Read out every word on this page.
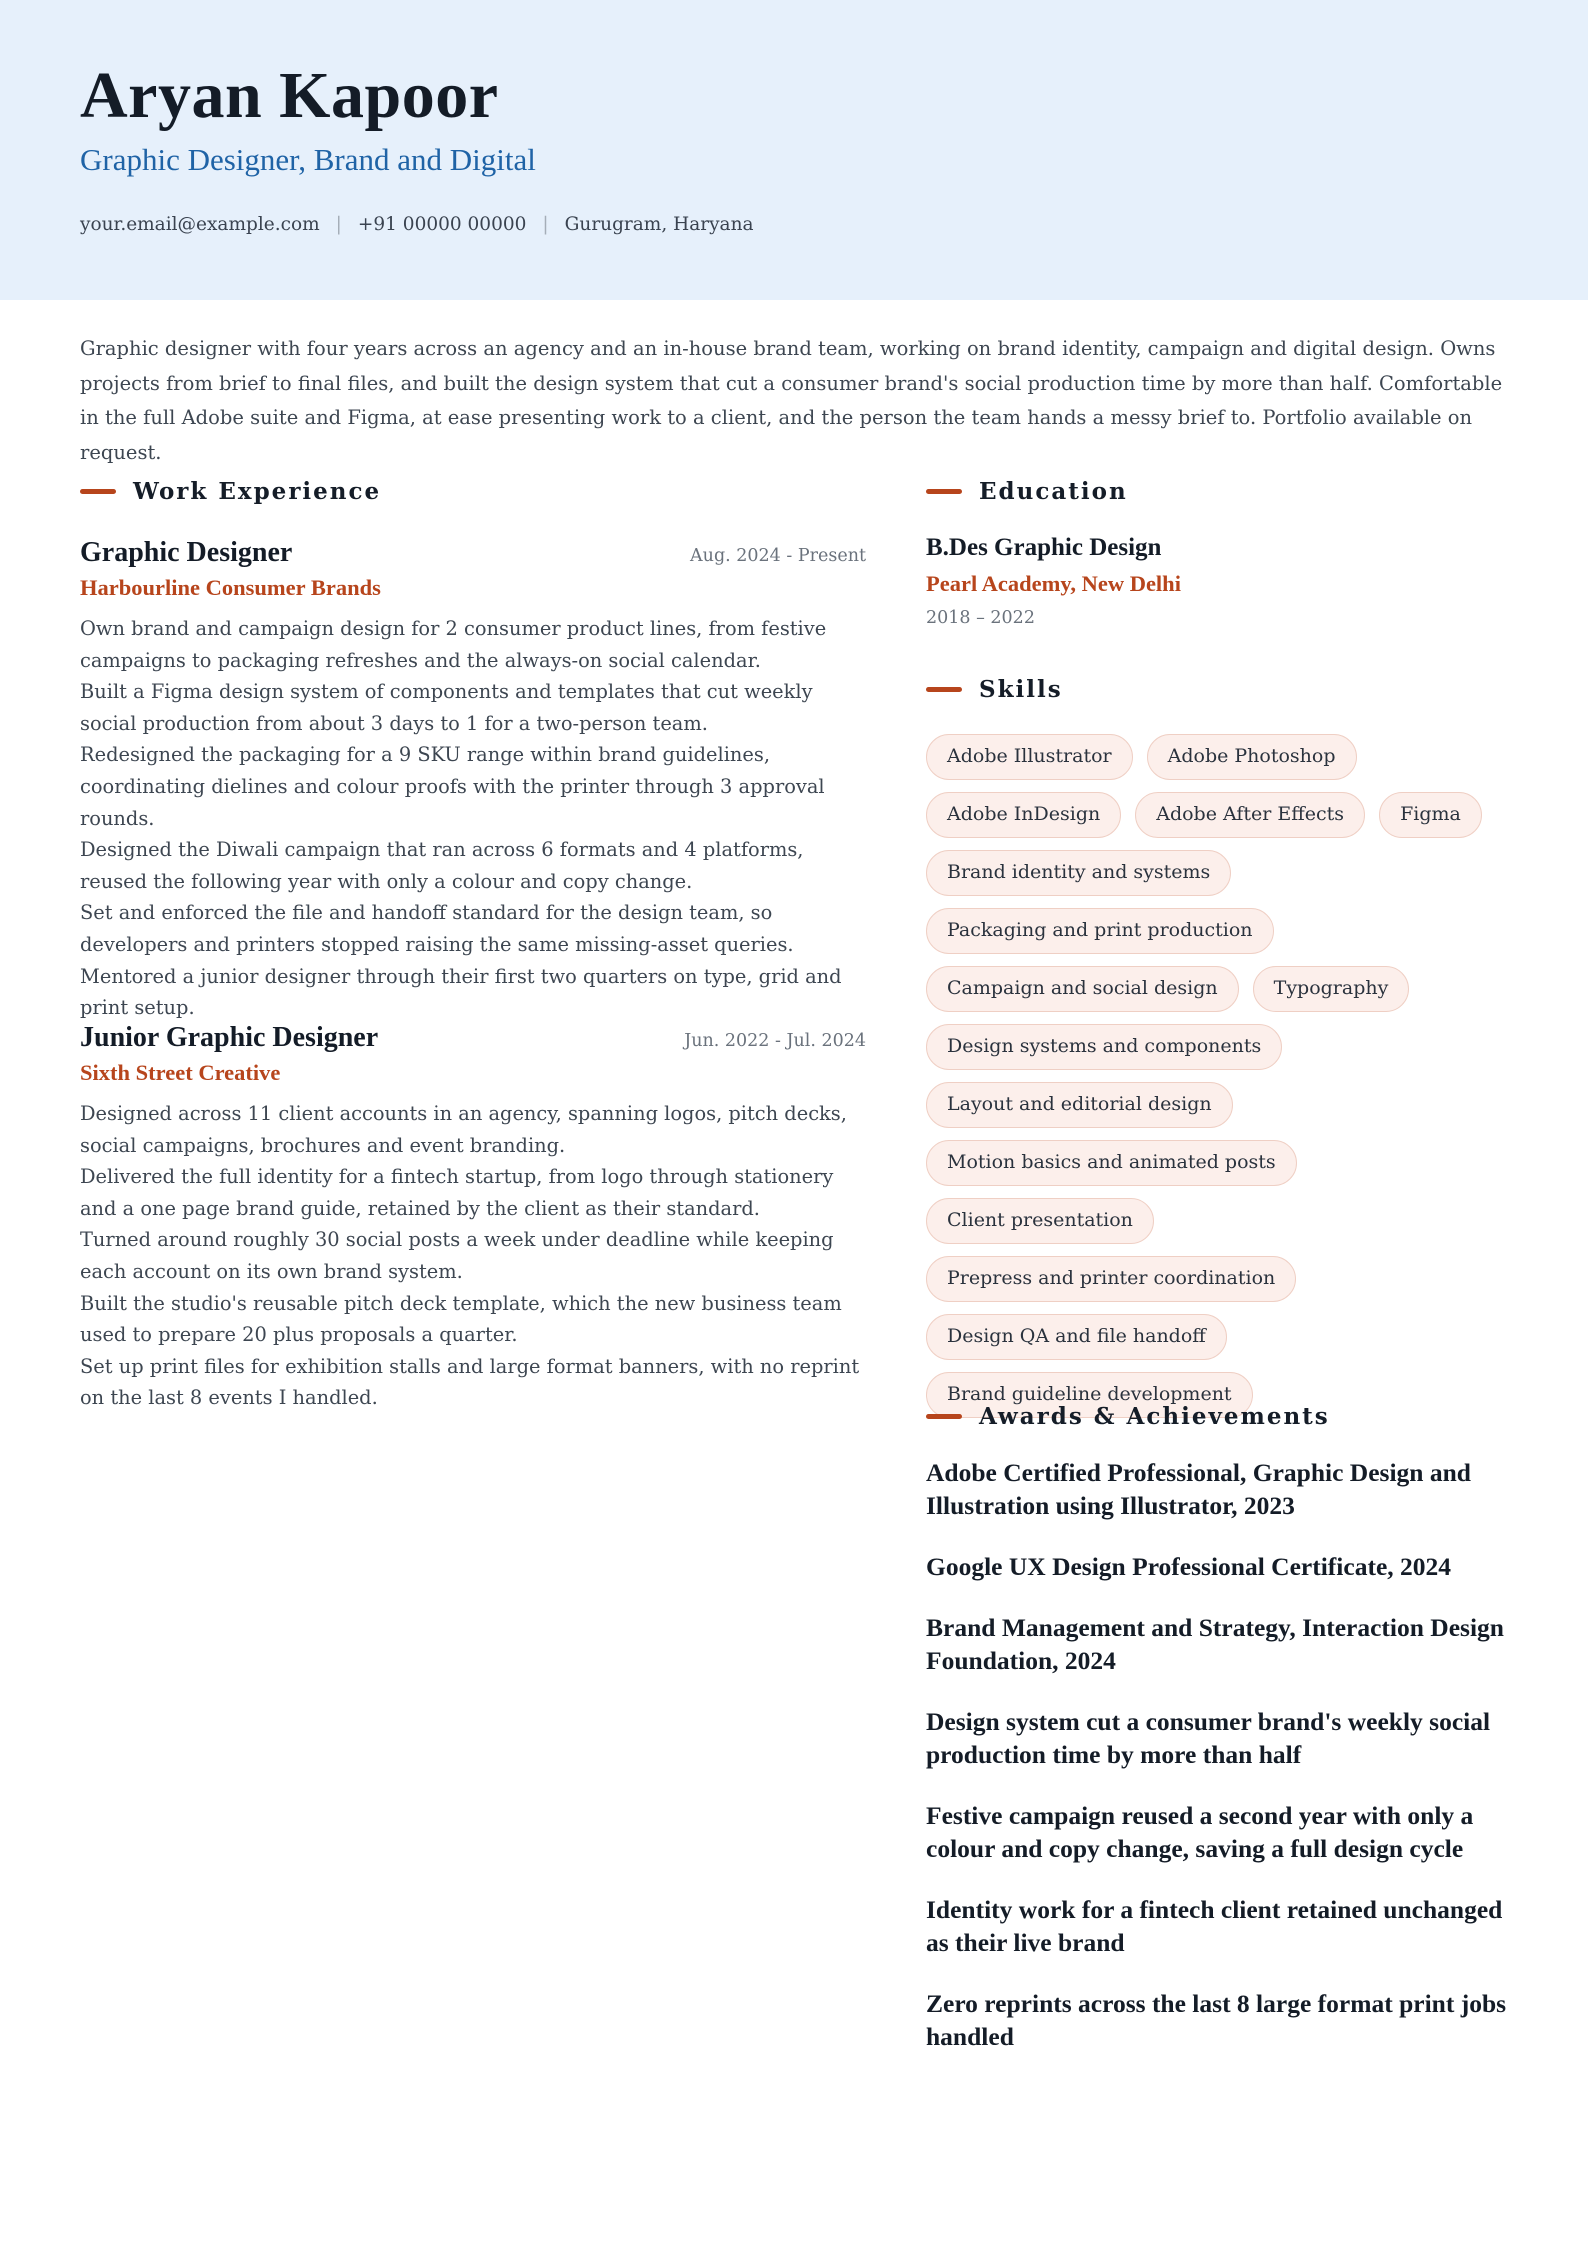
Aryan Kapoor
Graphic Designer, Brand and Digital
your.email@example.com | +91 00000 00000 | Gurugram, Haryana

Graphic designer with four years across an agency and an in-house brand team, working on brand identity, campaign and digital design. Owns projects from brief to final files, and built the design system that cut a consumer brand's social production time by more than half. Comfortable in the full Adobe suite and Figma, at ease presenting work to a client, and the person the team hands a messy brief to. Portfolio available on request.

Work Experience
Graphic Designer	Aug. 2024 - Present
Harbourline Consumer Brands
Own brand and campaign design for 2 consumer product lines, from festive campaigns to packaging refreshes and the always-on social calendar.
Built a Figma design system of components and templates that cut weekly social production from about 3 days to 1 for a two-person team.
Redesigned the packaging for a 9 SKU range within brand guidelines, coordinating dielines and colour proofs with the printer through 3 approval rounds.
Designed the Diwali campaign that ran across 6 formats and 4 platforms, reused the following year with only a colour and copy change.
Set and enforced the file and handoff standard for the design team, so developers and printers stopped raising the same missing-asset queries.
Mentored a junior designer through their first two quarters on type, grid and print setup.
Junior Graphic Designer	Jun. 2022 - Jul. 2024
Sixth Street Creative
Designed across 11 client accounts in an agency, spanning logos, pitch decks, social campaigns, brochures and event branding.
Delivered the full identity for a fintech startup, from logo through stationery and a one page brand guide, retained by the client as their standard.
Turned around roughly 30 social posts a week under deadline while keeping each account on its own brand system.
Built the studio's reusable pitch deck template, which the new business team used to prepare 20 plus proposals a quarter.
Set up print files for exhibition stalls and large format banners, with no reprint on the last 8 events I handled.
Education
B.Des Graphic Design
Pearl Academy, New Delhi
2018 – 2022
Skills
Adobe Illustrator	Adobe Photoshop
Adobe InDesign	Adobe After Effects	Figma
Brand identity and systems
Packaging and print production
Campaign and social design	Typography
Design systems and components
Layout and editorial design
Motion basics and animated posts
Client presentation
Prepress and printer coordination
Design QA and file handoff
Brand guideline development
Awards & Achievements
Adobe Certified Professional, Graphic Design and Illustration using Illustrator, 2023
Google UX Design Professional Certificate, 2024
Brand Management and Strategy, Interaction Design Foundation, 2024
Design system cut a consumer brand's weekly social production time by more than half
Festive campaign reused a second year with only a colour and copy change, saving a full design cycle
Identity work for a fintech client retained unchanged as their live brand
Zero reprints across the last 8 large format print jobs handled
